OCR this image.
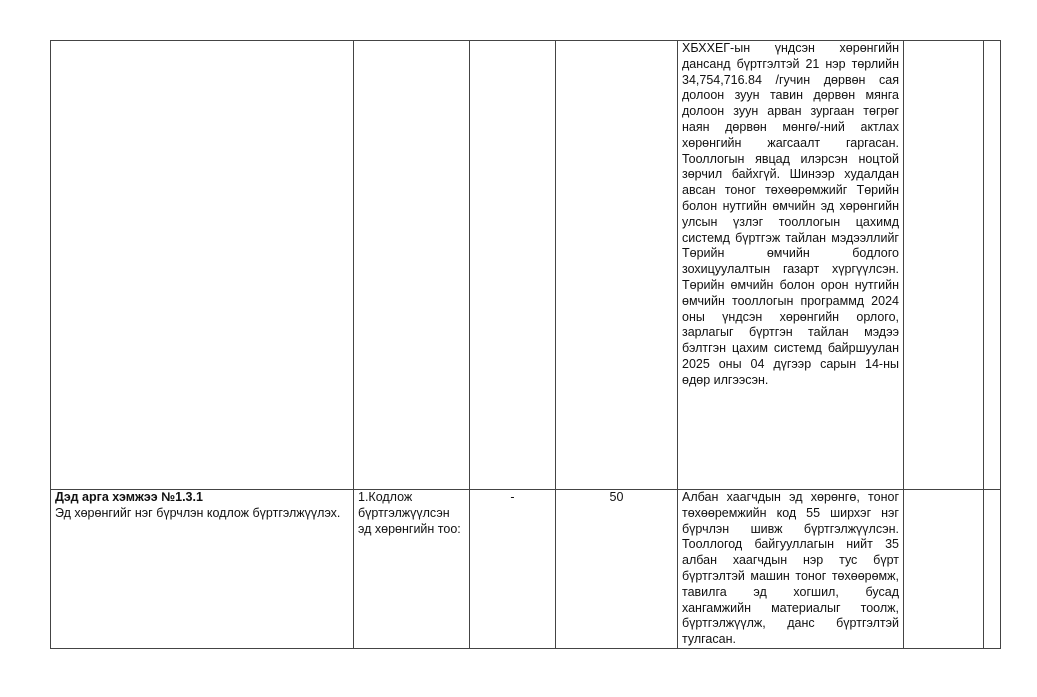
				ХБХХЕГ-ын үндсэн хөрөнгийн дансанд бүртгэлтэй 21 нэр төрлийн 34,754,716.84 /гучин дөрвөн сая долоон зуун тавин дөрвөн мянга долоон зуун арван зургаан төгрөг наян дөрвөн мөнгө/-ний актлах хөрөнгийн жагсаалт гаргасан. Тооллогын явцад илэрсэн ноцтой зөрчил байхгүй. Шинээр худалдан авсан тоног төхөөрөмжийг Төрийн болон нутгийн өмчийн эд хөрөнгийн улсын үзлэг тооллогын цахимд системд бүртгэж тайлан мэдээллийг Төрийн өмчийн бодлого зохицуулалтын газарт хүргүүлсэн. Төрийн өмчийн болон орон нутгийн өмчийн тооллогын программд 2024 оны үндсэн хөрөнгийн орлого, зарлагыг бүртгэн тайлан мэдээ бэлтгэн цахим системд байршуулан 2025 оны 04 дүгээр сарын 14-ны өдөр илгээсэн.		

Дэд арга хэмжээ №1.3.1
Эд хөрөнгийг нэг бүрчлэн кодлож бүртгэлжүүлэх.	1.Кодлож бүртгэлжүүлсэн эд хөрөнгийн тоо:	-	50	Албан хаагчдын эд хөрөнгө, тоног төхөөремжийн код 55 ширхэг нэг бүрчлэн шивж бүртгэлжүүлсэн. Тооллогод байгууллагын нийт 35 албан хаагчдын нэр тус бүрт бүртгэлтэй машин тоног төхөөрөмж, тавилга эд хогшил, бусад хангамжийн материалыг тоолж, бүртгэлжүүлж, данс бүртгэлтэй тулгасан.		
